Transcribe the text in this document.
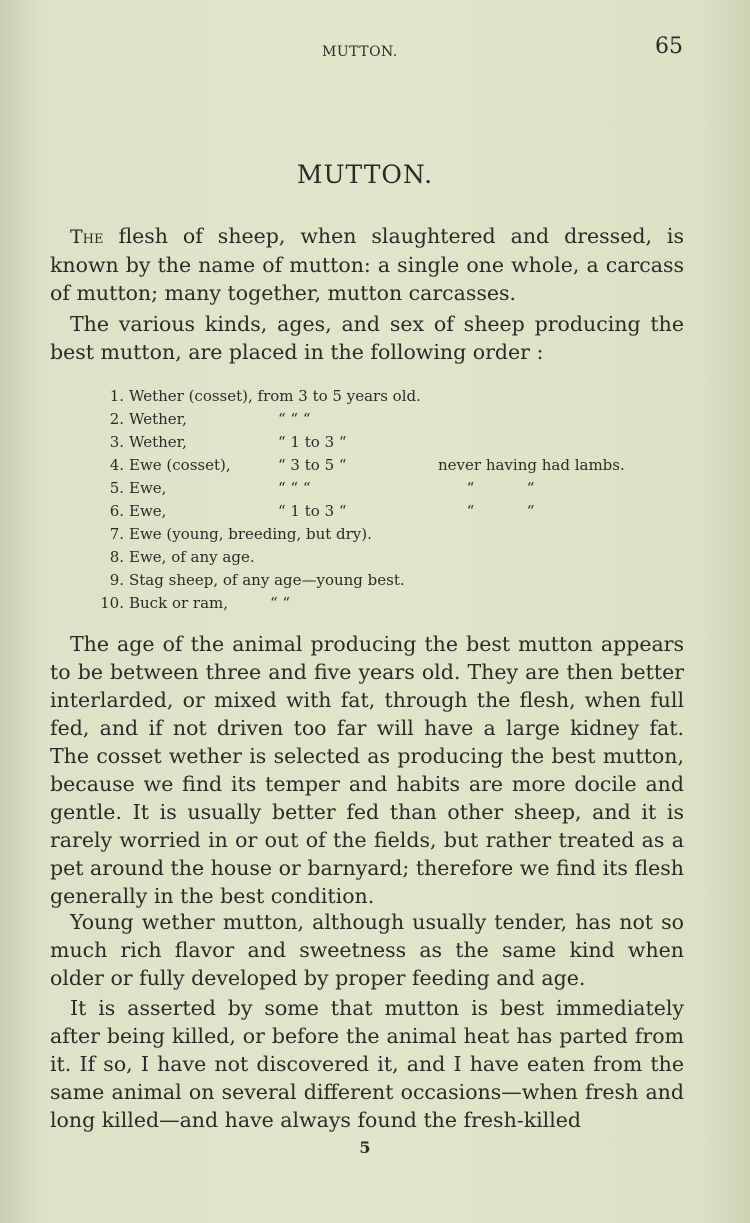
MUTTON.	65
MUTTON.

The flesh of sheep, when slaughtered and dressed, is known by the name of mutton: a single one whole, a carcass of mutton; many together, mutton carcasses.

The various kinds, ages, and sex of sheep producing the best mutton, are placed in the following order :

1. Wether (cosset), from 3 to 5 years old.
2. Wether,	“ “ “
3. Wether,	“ 1 to 3 “
4. Ewe (cosset),	“ 3 to 5 “	never having had lambs.
5. Ewe,	“ “ “	“           “
6. Ewe,	“ 1 to 3 “	“           “
7. Ewe (young, breeding, but dry).
8. Ewe, of any age.
9. Stag sheep, of any age—young best.
10. Buck or ram,	“ “

The age of the animal producing the best mutton appears to be between three and five years old. They are then better interlarded, or mixed with fat, through the flesh, when full fed, and if not driven too far will have a large kidney fat. The cosset wether is selected as producing the best mutton, because we find its temper and habits are more docile and gentle. It is usually better fed than other sheep, and it is rarely worried in or out of the fields, but rather treated as a pet around the house or barnyard; therefore we find its flesh generally in the best condition.

Young wether mutton, although usually tender, has not so much rich flavor and sweetness as the same kind when older or fully developed by proper feeding and age.

It is asserted by some that mutton is best immediately after being killed, or before the animal heat has parted from it. If so, I have not discovered it, and I have eaten from the same animal on several different occasions—when fresh and long killed—and have always found the fresh-killed

5
